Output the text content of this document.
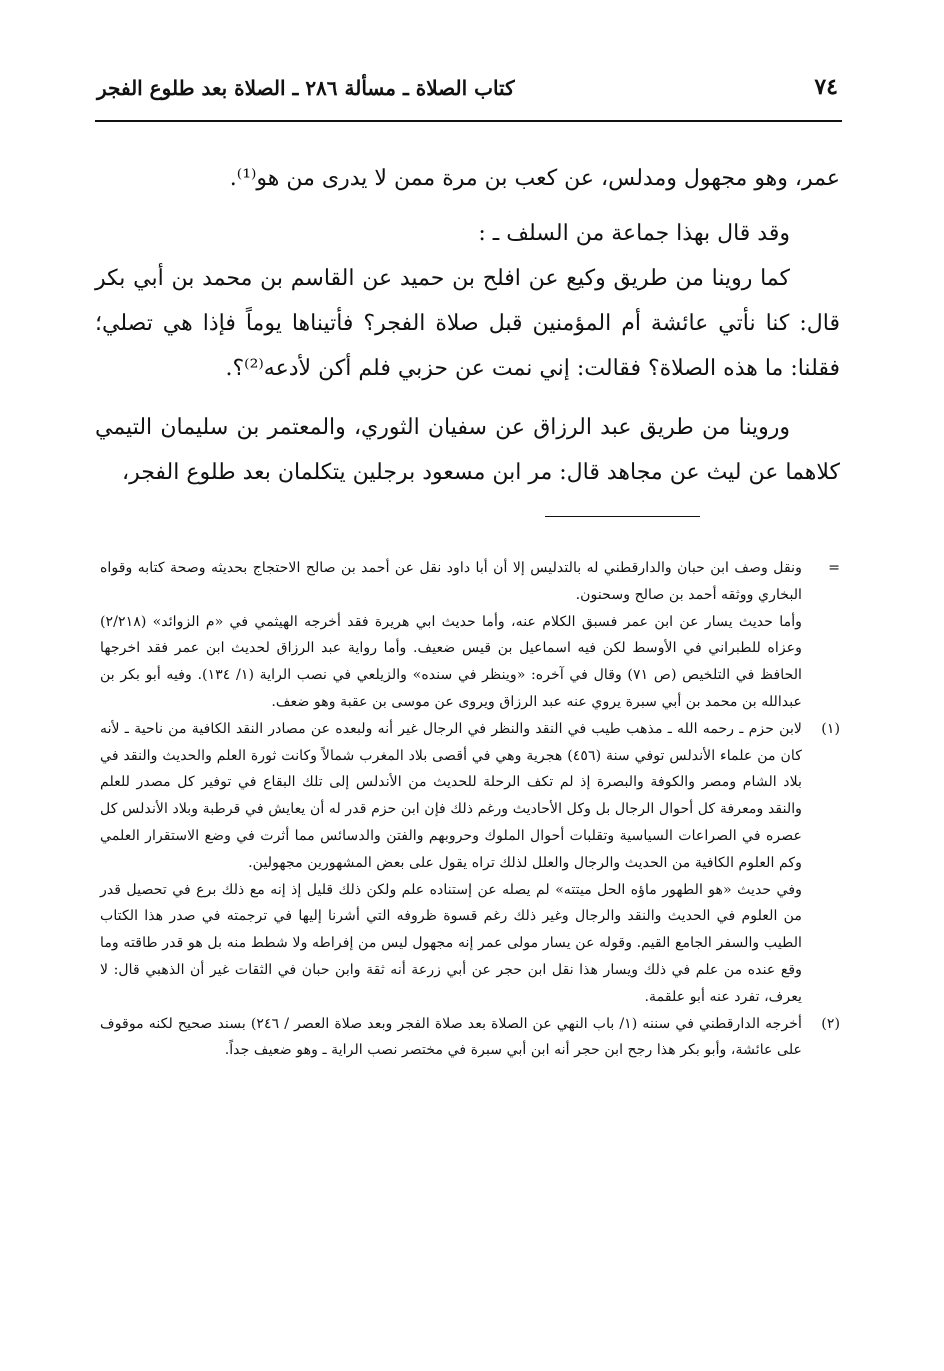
٧٤
كتاب الصلاة ـ مسألة ٢٨٦ ـ الصلاة بعد طلوع الفجر

عمر، وهو مجهول ومدلس، عن كعب بن مرة ممن لا يدرى من هو⁽¹⁾.

وقد قال بهذا جماعة من السلف ـ :

كما روينا من طريق وكيع عن افلح بن حميد عن القاسم بن محمد بن أبي بكر قال: كنا نأتي عائشة أم المؤمنين قبل صلاة الفجر؟ فأتيناها يوماً فإذا هي تصلي؛ فقلنا: ما هذه الصلاة؟ فقالت: إني نمت عن حزبي فلم أكن لأدعه⁽²⁾؟.

وروينا من طريق عبد الرزاق عن سفيان الثوري، والمعتمر بن سليمان التيمي كلاهما عن ليث عن مجاهد قال: مر ابن مسعود برجلين يتكلمان بعد طلوع الفجر،

=
ونقل وصف ابن حبان والدارقطني له بالتدليس إلا أن أبا داود نقل عن أحمد بن صالح الاحتجاج بحديثه وصحة كتابه وقواه البخاري ووثقه أحمد بن صالح وسحنون.

وأما حديث يسار عن ابن عمر فسبق الكلام عنه، وأما حديث ابي هريرة فقد أخرجه الهيثمي في «م الزوائد» (٢/٢١٨) وعزاه للطبراني في الأوسط لكن فيه اسماعيل بن قيس ضعيف. وأما رواية عبد الرزاق لحديث ابن عمر فقد اخرجها الحافظ في التلخيص (ص ٧١) وقال في آخره: «وينظر في سنده» والزيلعي في نصب الراية (١/ ١٣٤). وفيه أبو بكر بن عبدالله بن محمد بن أبي سبرة يروي عنه عبد الرزاق ويروى عن موسى بن عقبة وهو ضعف.

(١)
لابن حزم ـ رحمه الله ـ مذهب طيب في النقد والنظر في الرجال غير أنه ولبعده عن مصادر النقد الكافية من ناحية ـ لأنه كان من علماء الأندلس توفي سنة (٤٥٦) هجرية وهي في أقصى بلاد المغرب شمالاً وكانت ثورة العلم والحديث والنقد في بلاد الشام ومصر والكوفة والبصرة إذ لم تكف الرحلة للحديث من الأندلس إلى تلك البقاع في توفير كل مصدر للعلم والنقد ومعرفة كل أحوال الرجال بل وكل الأحاديث ورغم ذلك فإن ابن حزم قدر له أن يعايش في قرطبة وبلاد الأندلس كل عصره في الصراعات السياسية وتقلبات أحوال الملوك وحروبهم والفتن والدسائس مما أثرت في وضع الاستقرار العلمي وكم العلوم الكافية من الحديث والرجال والعلل لذلك تراه يقول على بعض المشهورين مجهولين.

وفي حديث «هو الطهور ماؤه الحل ميتته» لم يصله عن إستناده علم ولكن ذلك قليل إذ إنه مع ذلك برع في تحصيل قدر من العلوم في الحديث والنقد والرجال وغير ذلك رغم قسوة ظروفه التي أشرنا إليها في ترجمته في صدر هذا الكتاب الطيب والسفر الجامع القيم. وقوله عن يسار مولى عمر إنه مجهول ليس من إفراطه ولا شطط منه بل هو قدر طاقته وما وقع عنده من علم في ذلك ويسار هذا نقل ابن حجر عن أبي زرعة أنه ثقة وابن حبان في الثقات غير أن الذهبي قال: لا يعرف، تفرد عنه أبو علقمة.

(٢)
أخرجه الدارقطني في سننه (١/ باب النهي عن الصلاة بعد صلاة الفجر وبعد صلاة العصر / ٢٤٦) بسند صحيح لكنه موقوف على عائشة، وأبو بكر هذا رجح ابن حجر أنه ابن أبي سبرة في مختصر نصب الراية ـ وهو ضعيف جداً.
